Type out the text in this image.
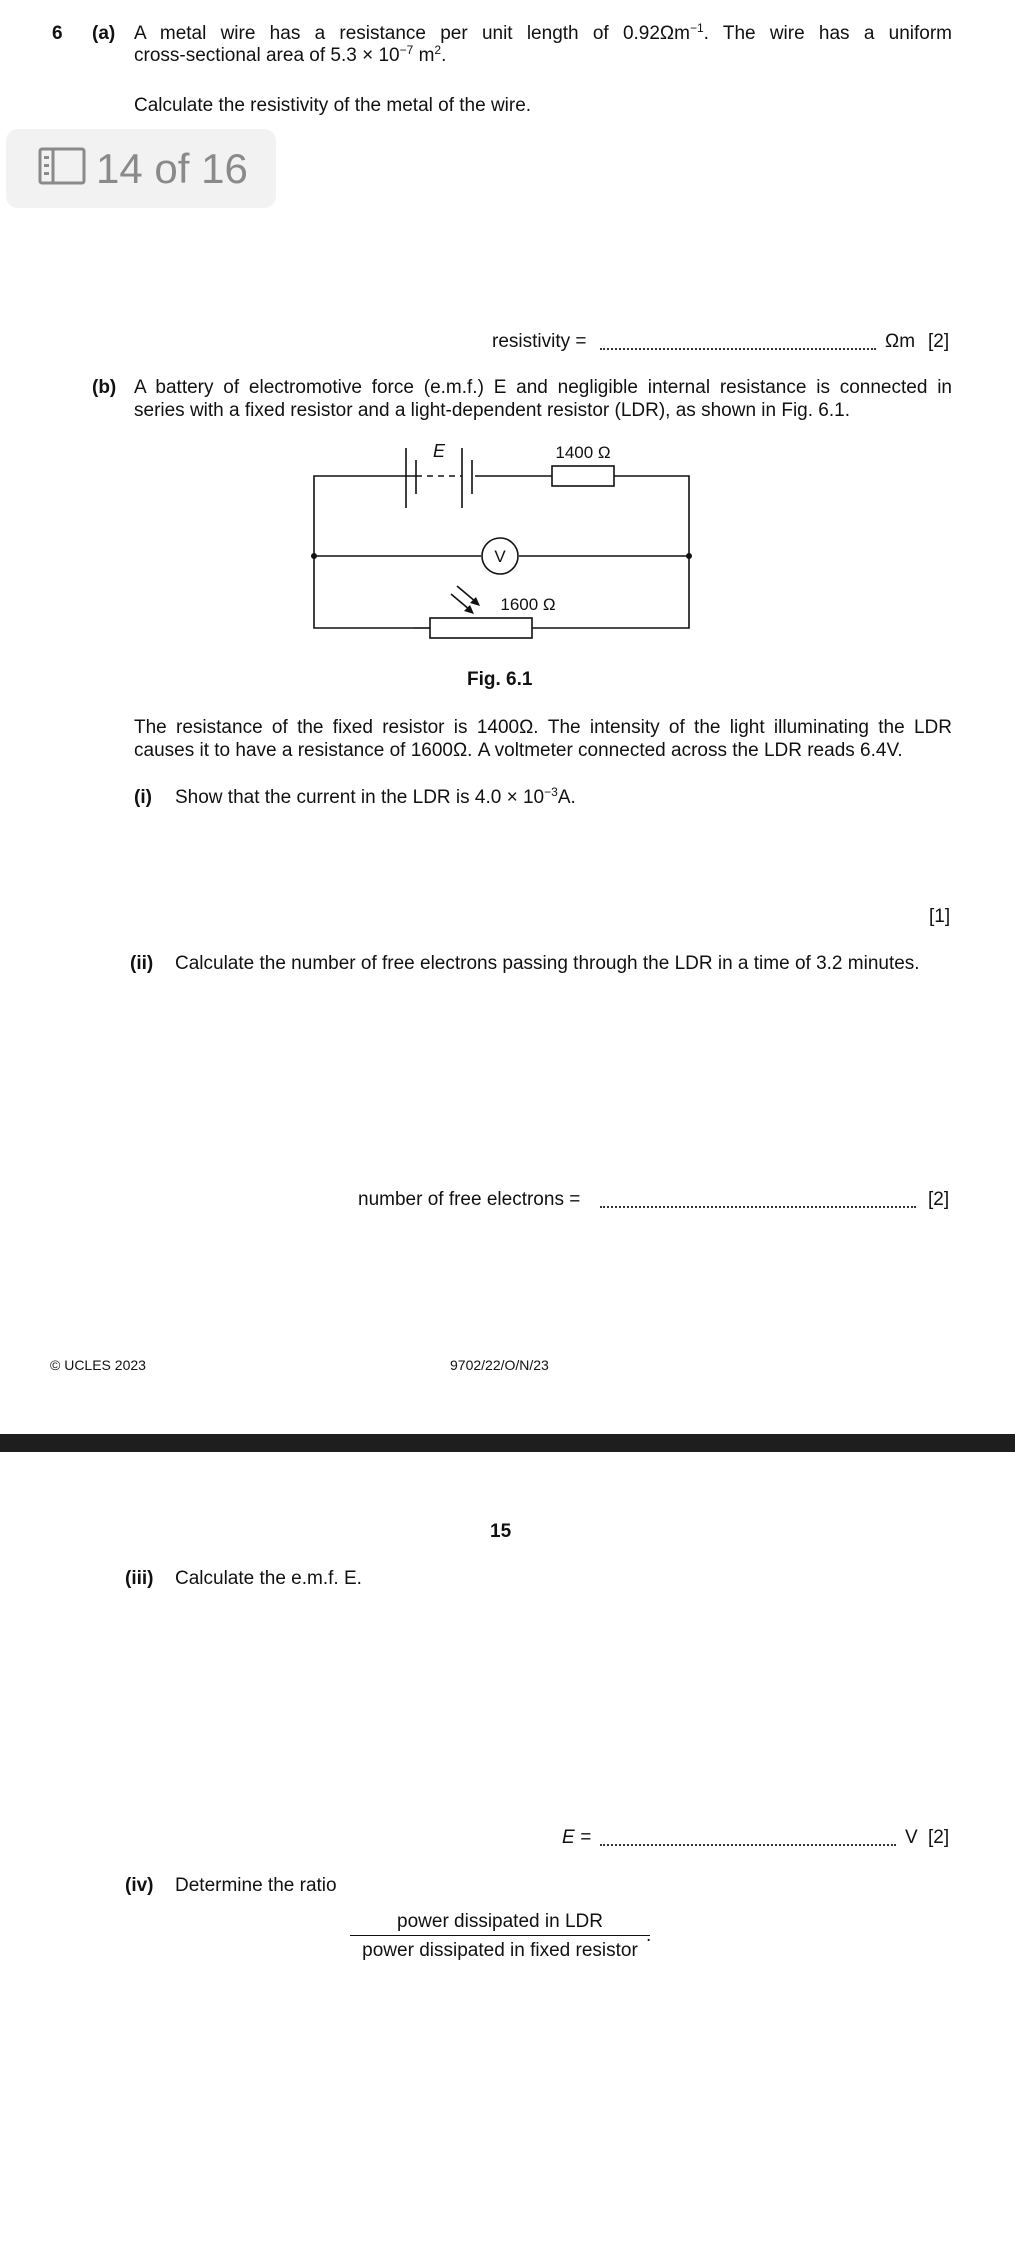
6 (a) A metal wire has a resistance per unit length of $0.92\Omega m^{-1}$. The wire has a uniform
cross-sectional area of $5.3 \times 10^{-7}$ $m^2$.
Calculate the resistivity of the metal of the wire.
14 of 16
resistivity =	Ωm [2]
(b) A battery of electromotive force (e.m.f.) E and negligible internal resistance is connected in
series with a fixed resistor and a light-dependent resistor (LDR), as shown in Fig. 6.1.
E	1400 Ω
V
1600 Ω
Fig. 6.1
The resistance of the fixed resistor is 1400Ω. The intensity of the light illuminating the LDR
causes it to have a resistance of 1600Ω. A voltmeter connected across the LDR reads 6.4V.
(i) Show that the current in the LDR is $4.0 \times 10^{-3}A$.
[1]
(ii) Calculate the number of free electrons passing through the LDR in a time of 3.2 minutes.
number of free electrons =	[2]
© UCLES 2023	9702/22/O/N/23
15
(iii) Calculate the e.m.f. E.
E =	V [2]
(iv) Determine the ratio
power dissipated in LDR
power dissipated in fixed resistor
.
